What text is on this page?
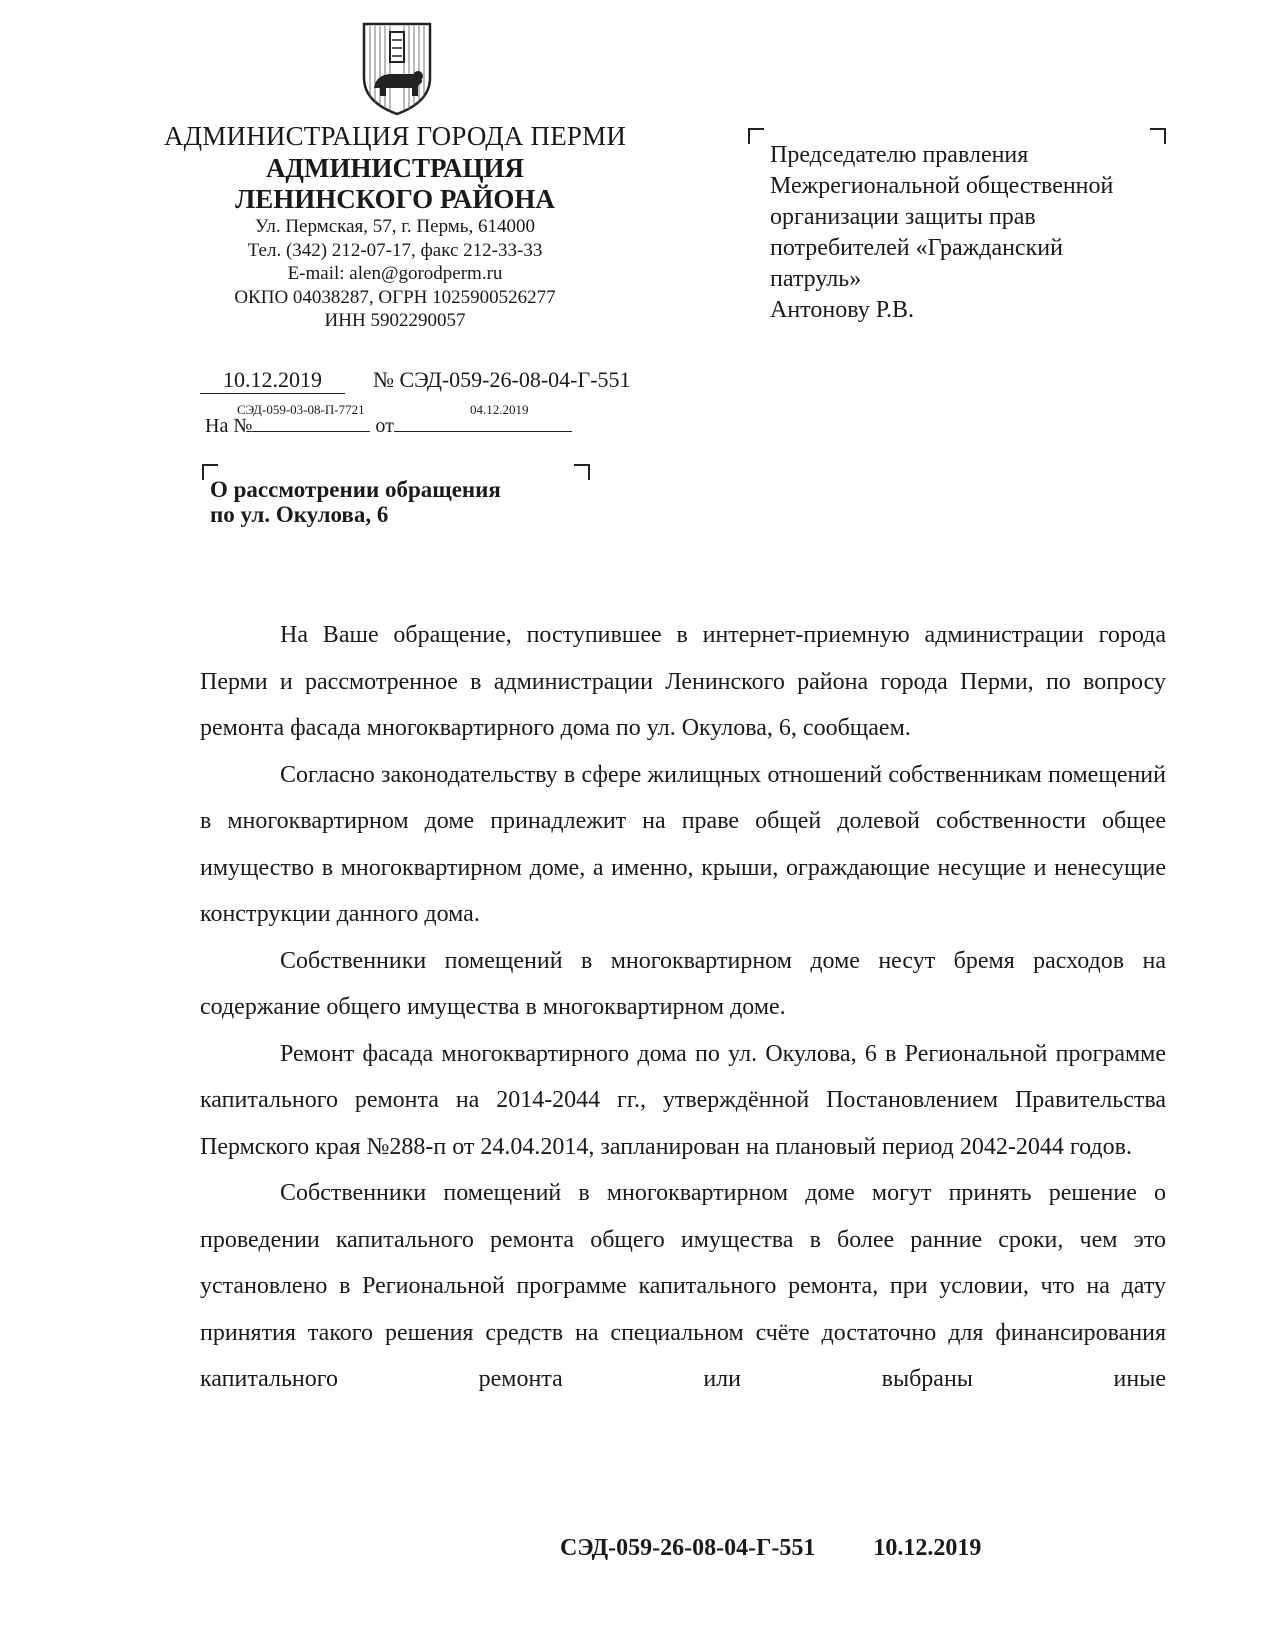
АДМИНИСТРАЦИЯ ГОРОДА ПЕРМИ
АДМИНИСТРАЦИЯ
ЛЕНИНСКОГО РАЙОНА
Ул. Пермская, 57, г. Пермь, 614000
Тел. (342) 212-07-17, факс 212-33-33
E-mail: alen@gorodperm.ru
ОКПО 04038287, ОГРН 1025900526277
ИНН 5902290057
Председателю правления
Межрегиональной общественной
организации защиты прав
потребителей «Гражданский
патруль»
Антонову Р.В.
10.12.2019 № СЭД-059-26-08-04-Г-551
СЭД-059-03-08-П-7721	04.12.2019
На №	от
О рассмотрении обращения
по ул. Окулова, 6

На Ваше обращение, поступившее в интернет-приемную администрации города Перми и рассмотренное в администрации Ленинского района города Перми, по вопросу ремонта фасада многоквартирного дома по ул. Окулова, 6, сообщаем.

Согласно законодательству в сфере жилищных отношений собственникам помещений в многоквартирном доме принадлежит на праве общей долевой собственности общее имущество в многоквартирном доме, а именно, крыши, ограждающие несущие и ненесущие конструкции данного дома.

Собственники помещений в многоквартирном доме несут бремя расходов на содержание общего имущества в многоквартирном доме.

Ремонт фасада многоквартирного дома по ул. Окулова, 6 в Региональной программе капитального ремонта на 2014-2044 гг., утверждённой Постановлением Правительства Пермского края №288-п от 24.04.2014, запланирован на плановый период 2042-2044 годов.

Собственники помещений в многоквартирном доме могут принять решение о проведении капитального ремонта общего имущества в более ранние сроки, чем это установлено в Региональной программе капитального ремонта, при условии, что на дату принятия такого решения средств на специальном счёте достаточно для финансирования капитального ремонта или выбраны иные

СЭД-059-26-08-04-Г-551 10.12.2019
